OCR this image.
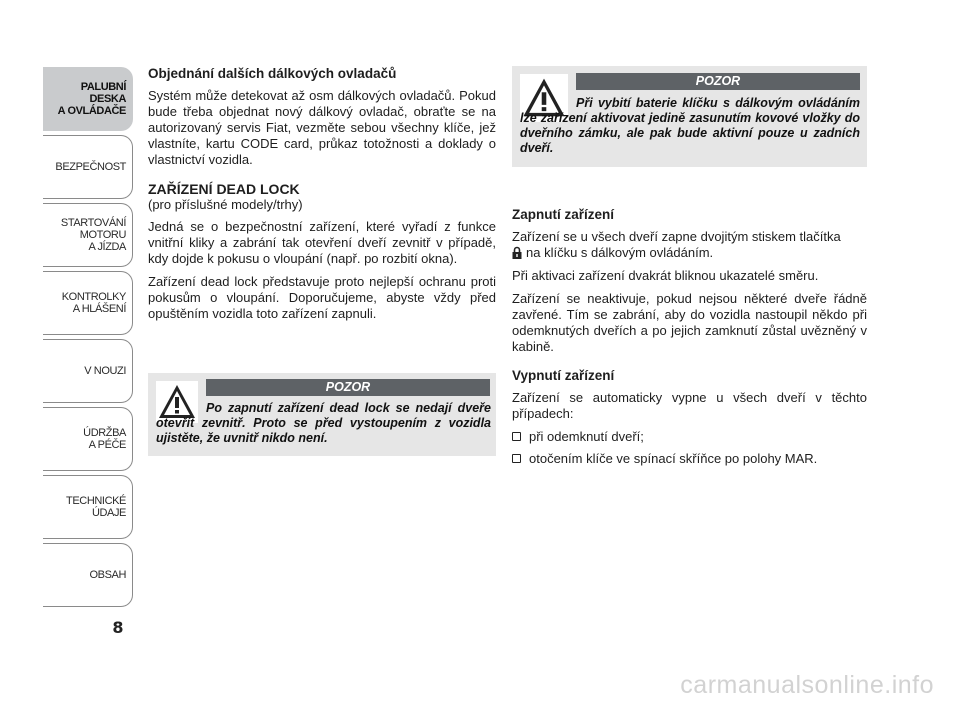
PALUBNÍ DESKA
A OVLÁDAČE
BEZPEČNOST
STARTOVÁNÍ
MOTORU
A JÍZDA
KONTROLKY
A HLÁŠENÍ
V NOUZI
ÚDRŽBA
A PÉČE
TECHNICKÉ
ÚDAJE
OBSAH
8
Objednání dalších dálkových ovladačů

Systém může detekovat až osm dálkových ovladačů. Pokud bude třeba objednat nový dálkový ovladač, obraťte se na autorizovaný servis Fiat, vezměte sebou všechny klíče, jež vlastníte, kartu CODE card, průkaz totožnosti a doklady o vlastnictví vozidla.

ZAŘÍZENÍ DEAD LOCK
(pro příslušné modely/trhy)

Jedná se o bezpečnostní zařízení, které vyřadí z funkce vnitřní kliky a zabrání tak otevření dveří zevnitř v případě, kdy dojde k pokusu o vloupání (např. po rozbití okna).

Zařízení dead lock představuje proto nejlepší ochranu proti pokusům o vloupání. Doporučujeme, abyste vždy před opuštěním vozidla toto zařízení zapnuli.

POZOR
Po zapnutí zařízení dead lock se nedají dveře otevřít zevnitř. Proto se před vystoupením z vozidla ujistěte, že uvnitř nikdo není.
POZOR
Při vybití baterie klíčku s dálkovým ovládáním lze zařízení aktivovat jedině zasunutím kovové vložky do dveřního zámku, ale pak bude aktivní pouze u zadních dveří.
Zapnutí zařízení

Zařízení se u všech dveří zapne dvojitým stiskem tlačítka
na klíčku s dálkovým ovládáním.

Při aktivaci zařízení dvakrát bliknou ukazatelé směru.

Zařízení se neaktivuje, pokud nejsou některé dveře řádně zavřené. Tím se zabrání, aby do vozidla nastoupil někdo při odemknutých dveřích a po jejich zamknutí zůstal uvězněný v kabině.

Vypnutí zařízení

Zařízení se automaticky vypne u všech dveří v těchto případech:

při odemknutí dveří;
otočením klíče ve spínací skříňce po polohy MAR.
carmanualsonline.info
